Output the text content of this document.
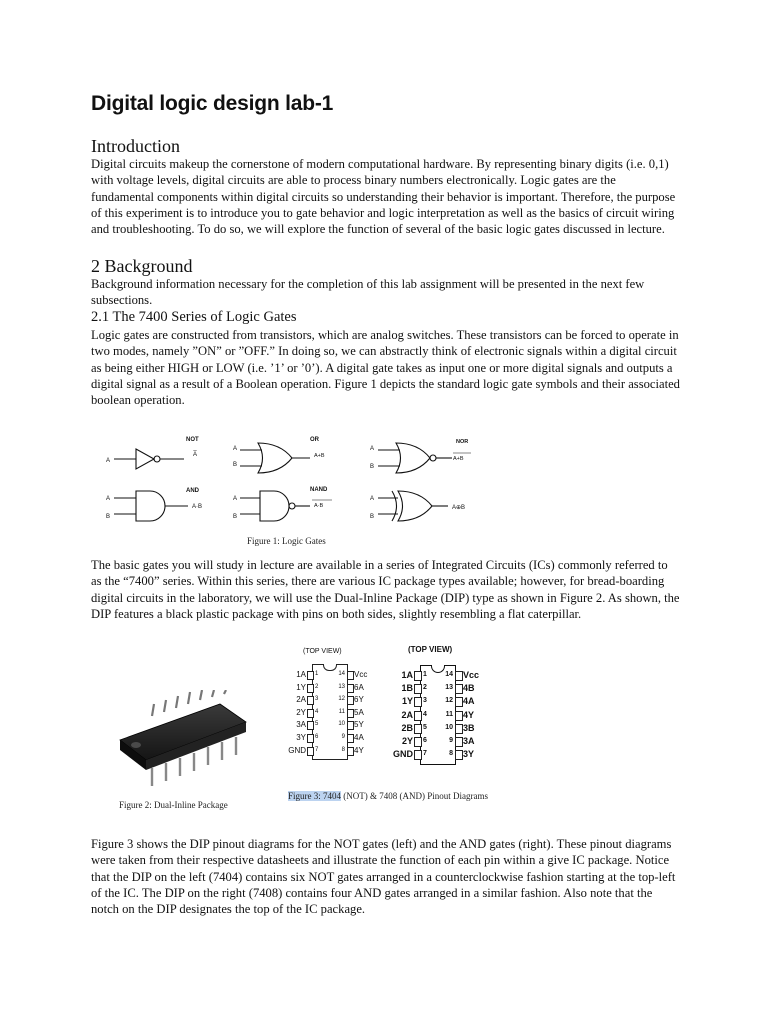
Digital logic design lab-1
Introduction

Digital circuits makeup the cornerstone of modern computational hardware. By representing binary digits (i.e. 0,1) with voltage levels, digital circuits are able to process binary numbers electronically. Logic gates are the fundamental components within digital circuits so understanding their behavior is important. Therefore, the purpose of this experiment is to introduce you to gate behavior and logic interpretation as well as the basics of circuit wiring and troubleshooting. To do so, we will explore the function of several of the basic logic gates discussed in lecture.

2 Background

Background information necessary for the completion of this lab assignment will be presented in the next few subsections.

2.1 The 7400 Series of Logic Gates

Logic gates are constructed from transistors, which are analog switches. These transistors can be forced to operate in two modes, namely ”ON” or ”OFF.” In doing so, we can abstractly think of electronic signals within a digital circuit as being either HIGH or LOW (i.e. ’1’ or ’0’). A digital gate takes as input one or more digital signals and outputs a digital signal as a result of a Boolean operation. Figure 1 depicts the standard logic gate symbols and their associated boolean operation.

A
NOT
A̅
A
B
OR
A+B
A
B
NOR
A+B
A
B
AND
A·B
A
B
NAND
A·B
A
B
A⊕B

Figure 1: Logic Gates

The basic gates you will study in lecture are available in a series of Integrated Circuits (ICs) commonly referred to as the “7400” series. Within this series, there are various IC package types available; however, for bread-boarding digital circuits in the laboratory, we will use the Dual-Inline Package (DIP) type as shown in Figure 2. As shown, the DIP features a black plastic package with pins on both sides, slightly resembling a flat caterpillar.

Figure 2: Dual-Inline Package

(TOP VIEW)
1A 1
1Y 2
2A 3
2Y 4
3A 5
3Y 6
GND 7
Vᴄᴄ
14
6A
13
6Y
12
5A
11
5Y
10
4A
9
4Y
8
(TOP VIEW)
1A 1
1B 2
1Y 3
2A 4
2B 5
2Y 6
GND 7
Vcc
14
4B
13
4A
12
4Y
11
3B
10
3A
9
3Y
8

Figure 3: 7404 (NOT) & 7408 (AND) Pinout Diagrams

Figure 3 shows the DIP pinout diagrams for the NOT gates (left) and the AND gates (right). These pinout diagrams were taken from their respective datasheets and illustrate the function of each pin within a give IC package. Notice that the DIP on the left (7404) contains six NOT gates arranged in a counterclockwise fashion starting at the top-left of the IC. The DIP on the right (7408) contains four AND gates arranged in a similar fashion. Also note that the notch on the DIP designates the top of the IC package.
